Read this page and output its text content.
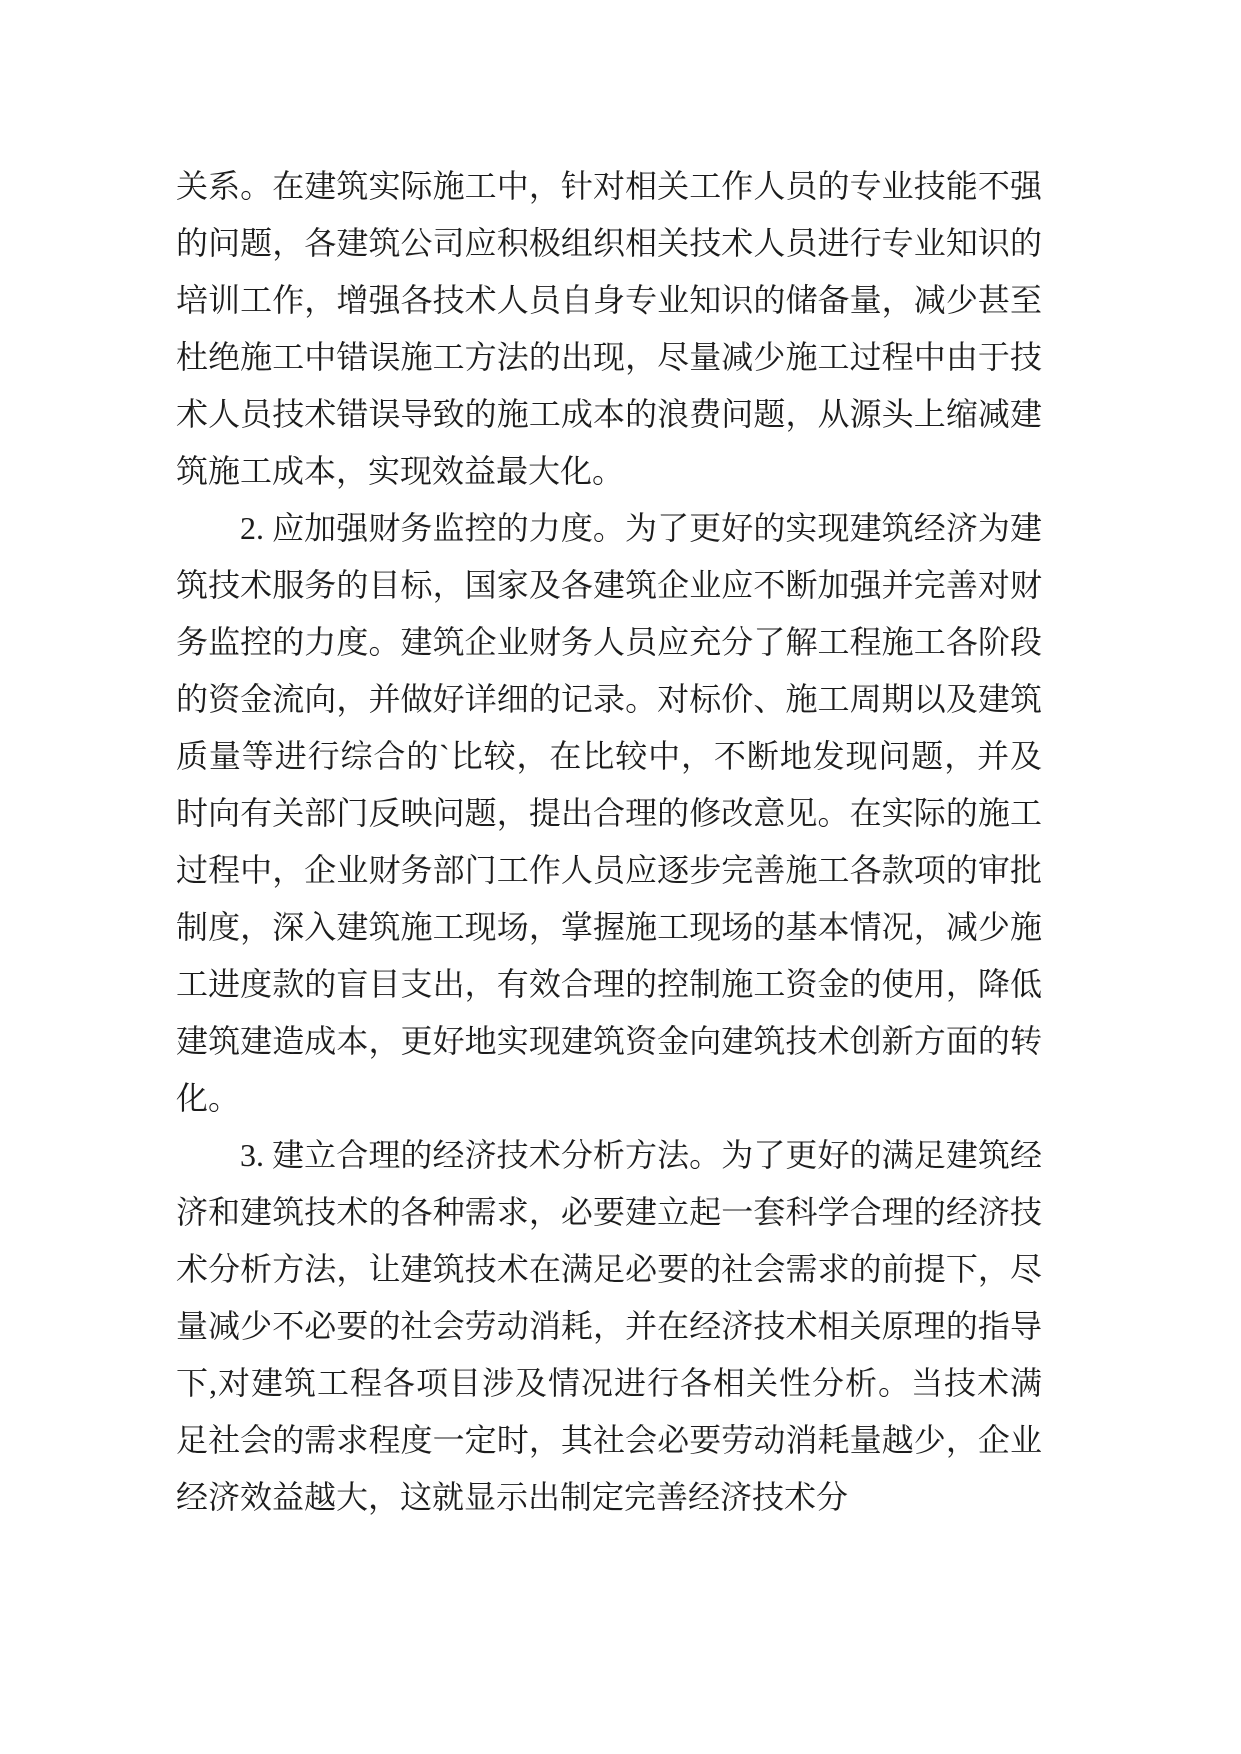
关系。在建筑实际施工中，针对相关工作人员的专业技能不强的问题，各建筑公司应积极组织相关技术人员进行专业知识的培训工作，增强各技术人员自身专业知识的储备量，减少甚至杜绝施工中错误施工方法的出现，尽量减少施工过程中由于技术人员技术错误导致的施工成本的浪费问题，从源头上缩减建筑施工成本，实现效益最大化。

2. 应加强财务监控的力度。为了更好的实现建筑经济为建筑技术服务的目标，国家及各建筑企业应不断加强并完善对财务监控的力度。建筑企业财务人员应充分了解工程施工各阶段的资金流向，并做好详细的记录。对标价、施工周期以及建筑质量等进行综合的`比较，在比较中，不断地发现问题，并及时向有关部门反映问题，提出合理的修改意见。在实际的施工过程中，企业财务部门工作人员应逐步完善施工各款项的审批制度，深入建筑施工现场，掌握施工现场的基本情况，减少施工进度款的盲目支出，有效合理的控制施工资金的使用，降低建筑建造成本，更好地实现建筑资金向建筑技术创新方面的转化。

3. 建立合理的经济技术分析方法。为了更好的满足建筑经济和建筑技术的各种需求，必要建立起一套科学合理的经济技术分析方法，让建筑技术在满足必要的社会需求的前提下，尽量减少不必要的社会劳动消耗，并在经济技术相关原理的指导下,对建筑工程各项目涉及情况进行各相关性分析。当技术满足社会的需求程度一定时，其社会必要劳动消耗量越少，企业经济效益越大，这就显示出制定完善经济技术分
